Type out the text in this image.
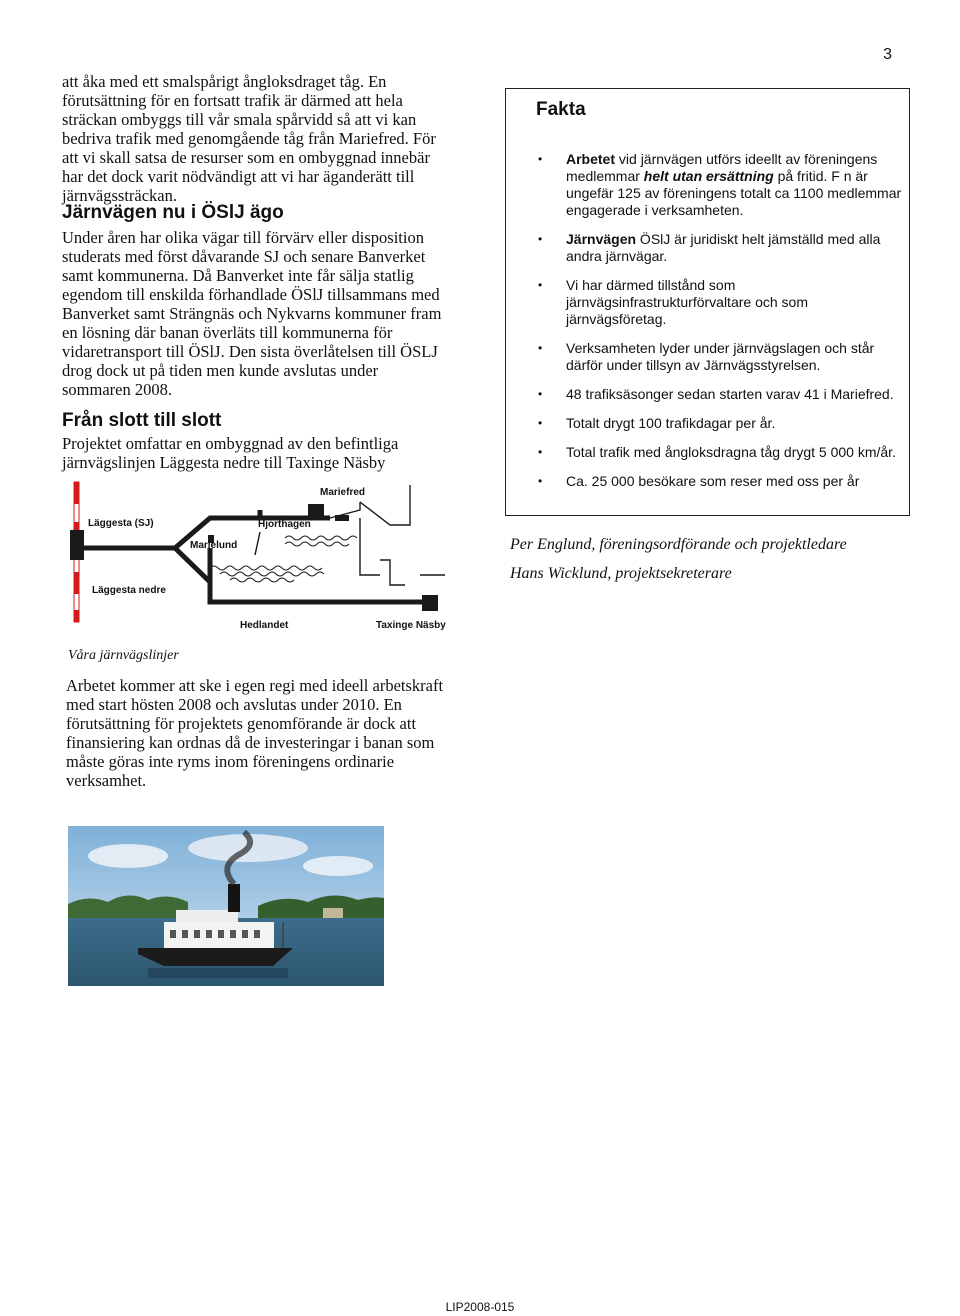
3

att åka med ett smalspårigt ångloksdraget tåg. En förutsättning för en fortsatt trafik är därmed att hela sträckan ombyggs till vår smala spårvidd så att vi kan bedriva trafik med genomgående tåg från Mariefred. För att vi skall satsa de resurser som en ombyggnad innebär har det dock varit nödvändigt att vi har äganderätt till järnvägssträckan.

Järnvägen nu i ÖSlJ ägo

Under åren har olika vägar till förvärv eller disposition studerats med först dåvarande SJ och senare Banverket samt kommunerna. Då Banverket inte får sälja statlig egendom till enskilda förhandlade ÖSlJ tillsammans med Banverket samt Strängnäs och Nykvarns kommuner fram en lösning där banan överläts till kommunerna för vidaretransport till ÖSlJ. Den sista överlåtelsen till ÖSLJ drog dock ut på tiden men kunde avslutas under sommaren 2008.

Från slott till slott

Projektet omfattar en ombyggnad av den befintliga järnvägslinjen Läggesta nedre till Taxinge Näsby

Mariefred
Läggesta (SJ)	Hjorthagen
Marielund
Läggesta nedre
Hedlandet	Taxinge Näsby
Våra järnvägslinjer

Arbetet kommer att ske i egen regi med ideell arbetskraft med start hösten 2008 och avslutas under 2010. En förutsättning för projektets genomförande är dock att finansiering kan ordnas då de investeringar i banan som måste göras inte ryms inom föreningens ordinarie verksamhet.

Fakta
• Arbetet vid järnvägen utförs ideellt av föreningens medlemmar helt utan ersättning på fritid. F n är ungefär 125 av föreningens totalt ca 1100 medlemmar engagerade i verksamheten.
• Järnvägen ÖSlJ är juridiskt helt jämställd med alla andra järnvägar.
• Vi har därmed tillstånd som järnvägsinfrastrukturförvaltare och som järnvägsföretag.
• Verksamheten lyder under järnvägslagen och står därför under tillsyn av Järnvägsstyrelsen.
• 48 trafiksäsonger sedan starten varav 41 i Mariefred.
• Totalt drygt 100 trafikdagar per år.
• Total trafik med ångloksdragna tåg drygt 5 000 km/år.
• Ca. 25 000 besökare som reser med oss per år
Per Englund, föreningsordförande och projektledare
Hans Wicklund, projektsekreterare
LIP2008-015
